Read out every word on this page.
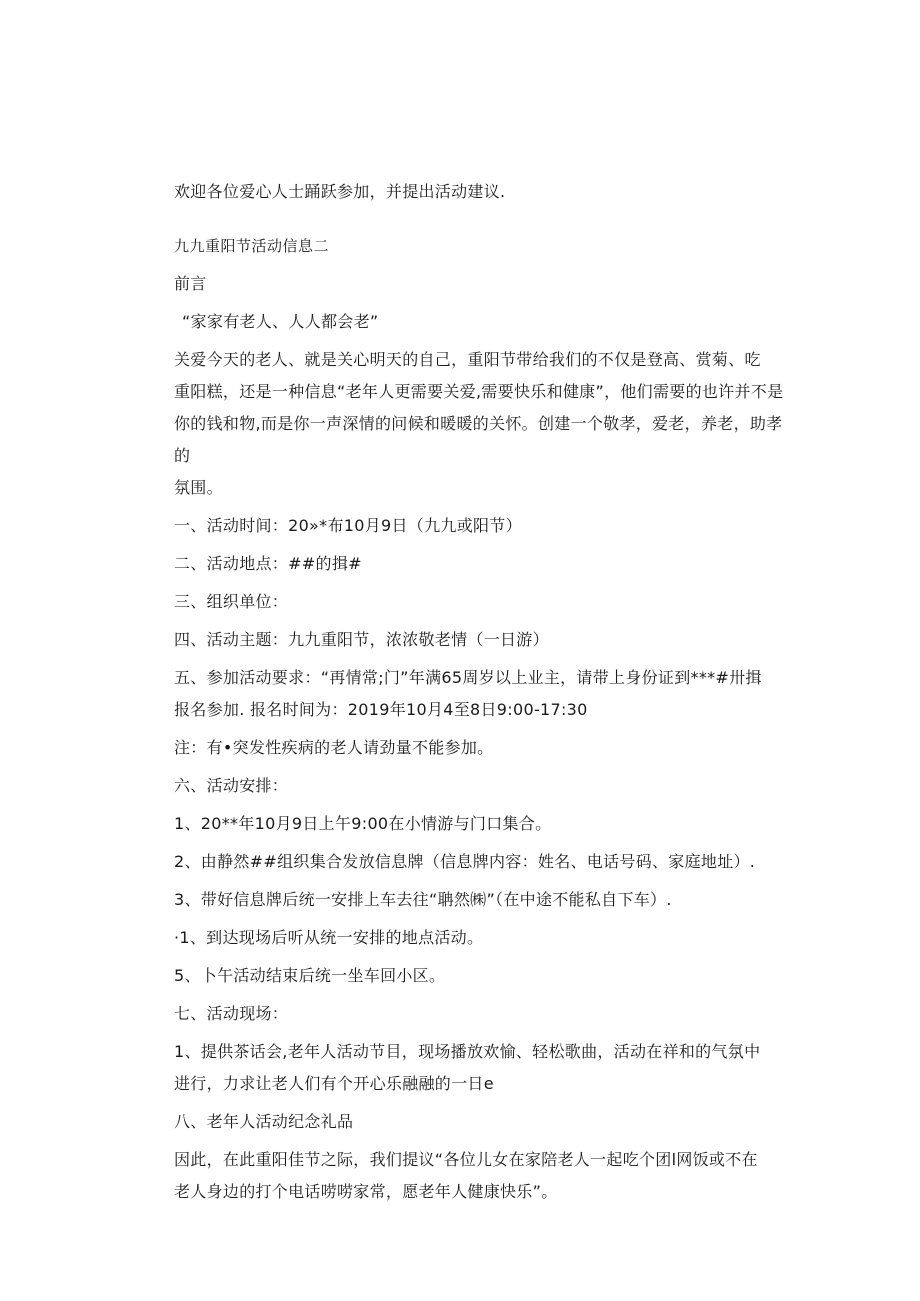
欢迎各位爱心人士踊跃参加，并提出活动建议.

九九重阳节活动信息二

前言

“家家有老人、人人都会老”

关爱今天的老人、就是关心明天的自己，重阳节带给我们的不仅是登高、赏菊、吃

重阳糕，还是一种信息“老年人更需要关爱,需要快乐和健康”，他们需要的也许并不是

你的钱和物,而是你一声深情的问候和暖暖的关怀。创建一个敬孝，爱老，养老，助孝的

氛围。

一、活动时间：20»*布10月9日（九九或阳节）

二、活动地点：##的揖#

三、组织单位：

四、活动主题：九九重阳节，浓浓敬老情（一日游）

五、参加活动要求：“再情常;门”年满65周岁以上业主，请带上身份证到***#卅揖

报名参加. 报名时间为：2019年10月4至8日9:00-17:30

注：有•突发性疾病的老人请劲量不能参加。

六、活动安排：

1、20**年10月9日上午9:00在小情游与门口集合。

2、由静然##组织集合发放信息牌（信息牌内容：姓名、电话号码、家庭地址）.

3、带好信息牌后统一安排上车去往“聃然㈱”（在中途不能私自下车）.

·1、到达现场后听从统一安排的地点活动。

5、卜午活动结束后统一坐车回小区。

七、活动现场：

1、提供茶话会,老年人活动节目，现场播放欢愉、轻松歌曲，活动在祥和的气氛中

进行，力求让老人们有个开心乐融融的一日e

八、老年人活动纪念礼品

因此，在此重阳佳节之际，我们提议“各位儿女在家陪老人一起吃个团l网饭或不在

老人身边的打个电话唠唠家常，愿老年人健康快乐”。
